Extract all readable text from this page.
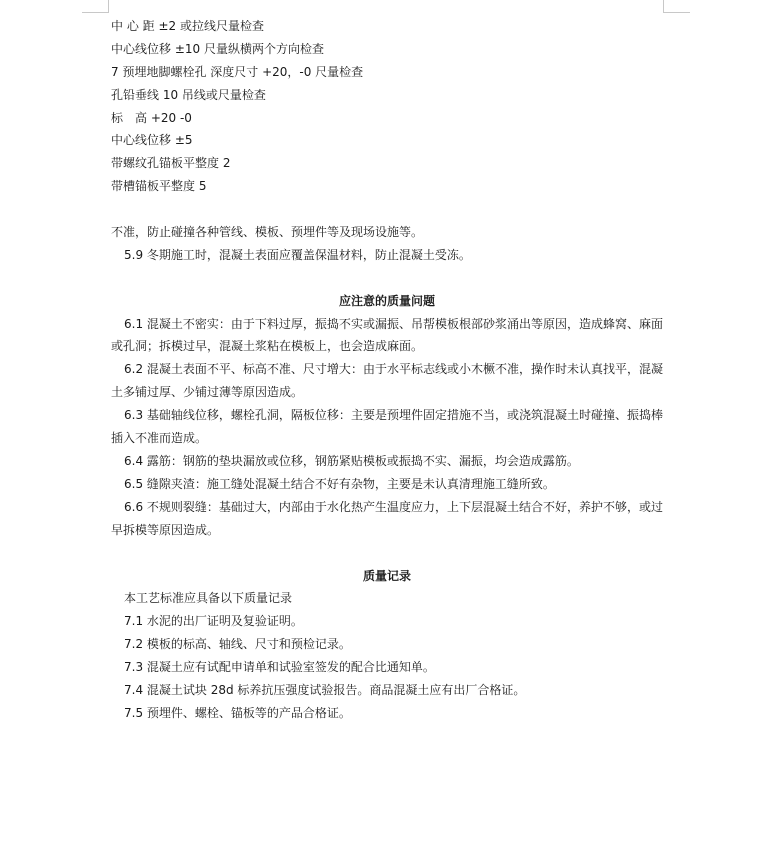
中 心 距 ±2 或拉线尺量检查
中心线位移 ±10 尺量纵横两个方向检查
7 预埋地脚螺栓孔 深度尺寸 +20，-0 尺量检查
孔铅垂线 10 吊线或尺量检查
标　高 +20 -0
中心线位移 ±5
带螺纹孔锚板平整度 2
带槽锚板平整度 5
不准，防止碰撞各种管线、模板、预埋件等及现场设施等。
5.9 冬期施工时，混凝土表面应覆盖保温材料，防止混凝土受冻。
应注意的质量问题
6.1 混凝土不密实：由于下料过厚，振捣不实或漏振、吊帮模板根部砂浆涌出等原因，造成蜂窝、麻面或孔洞；拆模过早，混凝土浆粘在模板上，也会造成麻面。
6.2 混凝土表面不平、标高不准、尺寸增大：由于水平标志线或小木橛不准，操作时未认真找平，混凝土多铺过厚、少铺过薄等原因造成。
6.3 基础轴线位移，螺栓孔洞，隔板位移：主要是预埋件固定措施不当，或浇筑混凝土时碰撞、振捣棒插入不准而造成。
6.4 露筋：钢筋的垫块漏放或位移，钢筋紧贴模板或振捣不实、漏振，均会造成露筋。
6.5 缝隙夹渣：施工缝处混凝土结合不好有杂物，主要是未认真清理施工缝所致。
6.6 不规则裂缝：基础过大，内部由于水化热产生温度应力，上下层混凝土结合不好，养护不够，或过早拆模等原因造成。
质量记录
本工艺标准应具备以下质量记录
7.1 水泥的出厂证明及复验证明。
7.2 模板的标高、轴线、尺寸和预检记录。
7.3 混凝土应有试配申请单和试验室签发的配合比通知单。
7.4 混凝土试块 28d 标养抗压强度试验报告。商品混凝土应有出厂合格证。
7.5 预埋件、螺栓、锚板等的产品合格证。
